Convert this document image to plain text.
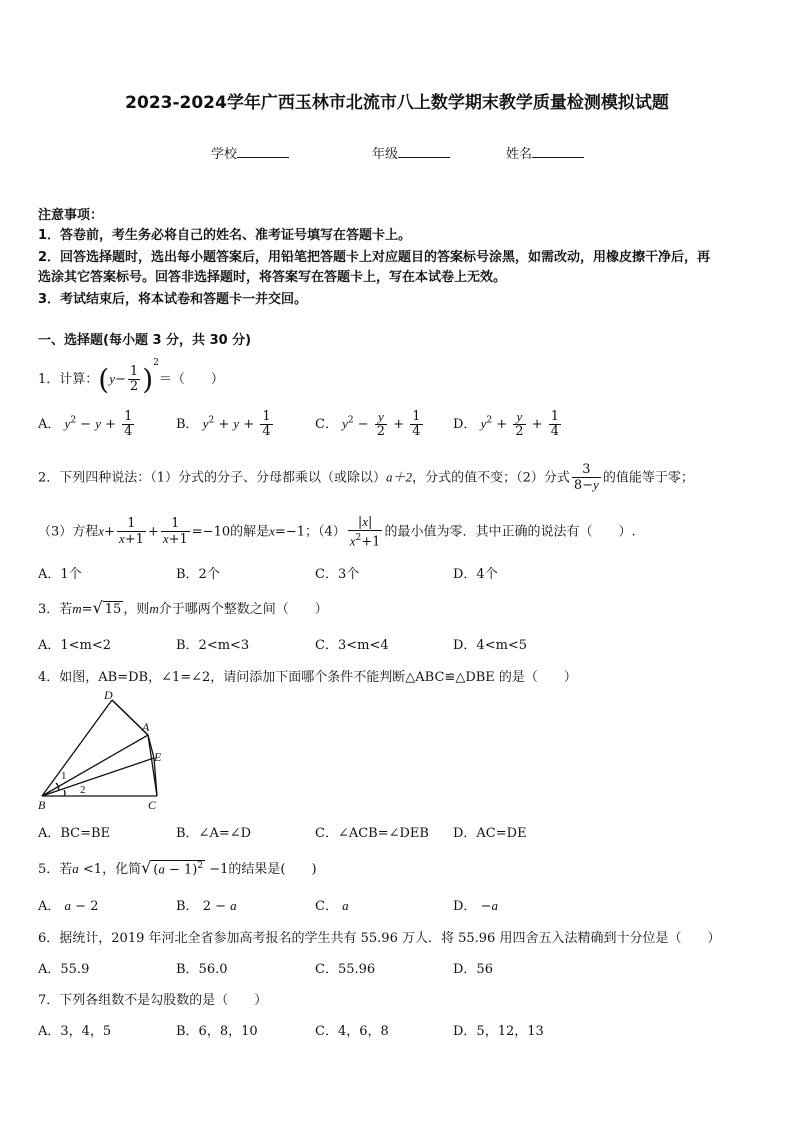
2023-2024学年广西玉林市北流市八上数学期末教学质量检测模拟试题
学校	年级	姓名
注意事项：
1．答卷前，考生务必将自己的姓名、准考证号填写在答题卡上。
2．回答选择题时，选出每小题答案后，用铅笔把答题卡上对应题目的答案标号涂黑，如需改动，用橡皮擦干净后，再
选涂其它答案标号。回答非选择题时，将答案写在答题卡上，写在本试卷上无效。
3．考试结束后，将本试卷和答题卡一并交回。
一、选择题(每小题 3 分，共 30 分)
1．计算：$(y- \frac{1}{2} )^2=$（　　）
A． $y^2 - y + \frac{1}{4}$	B． $y^2 + y + \frac{1}{4}$	C． $y^2 - \frac{y}{2} + \frac{1}{4}$ D． $y^2 + \frac{y}{2} + \frac{1}{4}$
2．下列四种说法：（1）分式的分子、分母都乘以（或除以）a＋2，分式的值不变；（2）分式 $\frac{3}{8-y}$ 的值能等于零；
（3）方程$x+ \frac{1}{x+1} + \frac{1}{x+1} =-10$的解是x=−1；$(4) \frac{|x|}{x^2+1}$ 的最小值为零．其中正确的说法有（　　）.
A．1个	B．2个	C．3个	D．4个
3．若m=√ 15 ，则m介于哪两个整数之间（　　）
A．1<m<2	B．2<m<3	C．3<m<4	D．4<m<5
4．如图，AB=DB，∠1=∠2，请问添加下面哪个条件不能判断△ABC≌△DBE 的是（　　）
D
A
E
B	C
1
2
A．BC=BE	B．∠A=∠D	C．∠ACB=∠DEB D．AC=DE
5．若a <1，化简√ $(a - 1)^2 -1$的结果是(　　)
A． a − 2	B． 2 − a	C． a	D． −a
6．据统计，2019 年河北全省参加高考报名的学生共有 55.96 万人．将 55.96 用四舍五入法精确到十分位是（　　）
A．55.9	B．56.0	C．55.96	D．56
7．下列各组数不是勾股数的是（　　）
A．3，4，5	B．6，8，10	C．4，6，8	D．5，12，13
